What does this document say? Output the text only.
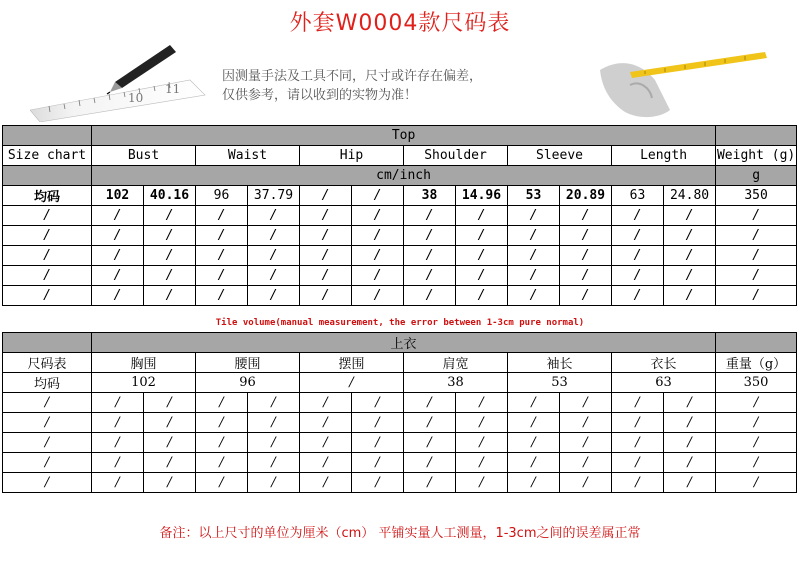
外套W0004款尺码表
10
11
因测量手法及工具不同，尺寸或许存在偏差，
仅供参考，请以收到的实物为准！
	Top												
Size chart	Bust		Waist		Hip		Shoulder		Sleeve		Length		Weight (g)
	cm/inch												g
均码	102	40.16	96	37.79	/	/	38	14.96	53	20.89	63	24.80	350
/	/	/	/	/	/	/	/	/	/	/	/	/	/
/	/	/	/	/	/	/	/	/	/	/	/	/	/
/	/	/	/	/	/	/	/	/	/	/	/	/	/
/	/	/	/	/	/	/	/	/	/	/	/	/	/
/	/	/	/	/	/	/	/	/	/	/	/	/	/
Tile volume(manual measurement, the error between 1-3cm pure normal)
	上衣												
尺码表	胸围		腰围		摆围		肩宽		袖长		衣长		重量（g）
均码	102		96		/		38		53		63		350
/	/	/	/	/	/	/	/	/	/	/	/	/	/
/	/	/	/	/	/	/	/	/	/	/	/	/	/
/	/	/	/	/	/	/	/	/	/	/	/	/	/
/	/	/	/	/	/	/	/	/	/	/	/	/	/
/	/	/	/	/	/	/	/	/	/	/	/	/	/
备注：以上尺寸的单位为厘米（cm） 平铺实量人工测量，1-3cm之间的误差属正常
